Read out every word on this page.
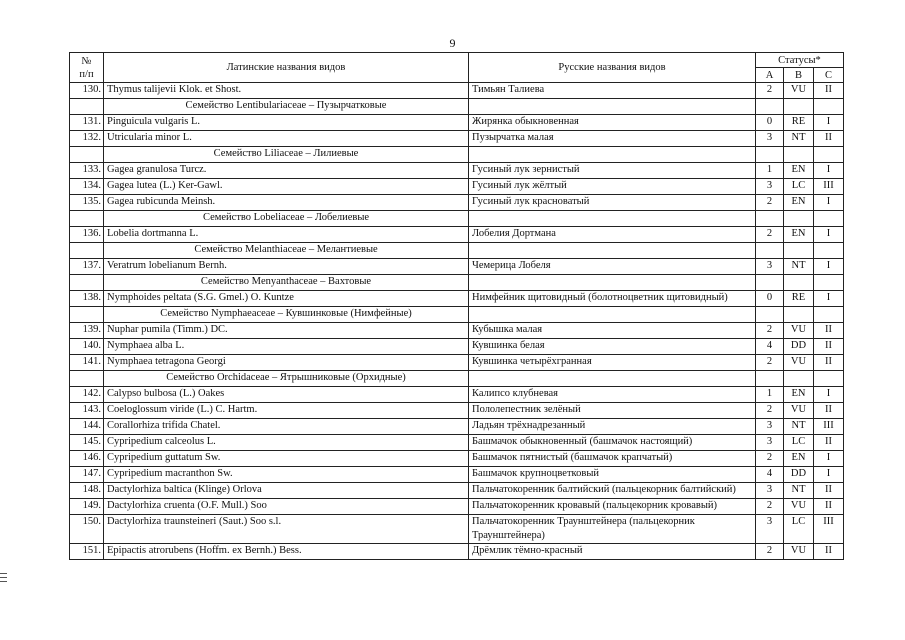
9
№
п/п	Латинские названия видов	Русские названия видов	Статусы*		
			A	B	C
130.	Thymus talijevii Klok. et Shost.	Тимьян Талиева	2	VU	II
	Семейство Lentibulariaceae – Пузырчатковые				
131.	Pinguicula vulgaris L.	Жирянка обыкновенная	0	RE	I
132.	Utricularia minor L.	Пузырчатка малая	3	NT	II
	Семейство Liliaceae – Лилиевые				
133.	Gagea granulosa Turcz.	Гусиный лук зернистый	1	EN	I
134.	Gagea lutea (L.) Ker-Gawl.	Гусиный лук жёлтый	3	LC	III
135.	Gagea rubicunda Meinsh.	Гусиный лук красноватый	2	EN	I
	Семейство Lobeliaceae – Лобелиевые				
136.	Lobelia dortmanna L.	Лобелия Дортмана	2	EN	I
	Семейство Melanthiaceae – Мелантиевые				
137.	Veratrum lobelianum Bernh.	Чемерица Лобеля	3	NT	I
	Семейство Menyanthaceae – Вахтовые				
138.	Nymphoides peltata (S.G. Gmel.) O. Kuntze	Нимфейник щитовидный (болотноцветник щитовидный)	0	RE	I
	Семейство Nymphaeaceae – Кувшинковые (Нимфейные)				
139.	Nuphar pumila (Timm.) DC.	Кубышка малая	2	VU	II
140.	Nymphaea alba L.	Кувшинка белая	4	DD	II
141.	Nymphaea tetragona Georgi	Кувшинка четырёхгранная	2	VU	II
	Семейство Orchidaceae – Ятрышниковые (Орхидные)				
142.	Calypso bulbosa (L.) Oakes	Калипсо клубневая	1	EN	I
143.	Coeloglossum viride (L.) C. Hartm.	Пололепестник зелёный	2	VU	II
144.	Corallorhiza trifida Chatel.	Ладьян трёхнадрезанный	3	NT	III
145.	Cypripedium calceolus L.	Башмачок обыкновенный (башмачок настоящий)	3	LC	II
146.	Cypripedium guttatum Sw.	Башмачок пятнистый (башмачок крапчатый)	2	EN	I
147.	Cypripedium macranthon Sw.	Башмачок крупноцветковый	4	DD	I
148.	Dactylorhiza baltica (Klinge) Orlova	Пальчатокоренник балтийский (пальцекорник балтийский)	3	NT	II
149.	Dactylorhiza cruenta (O.F. Mull.) Soo	Пальчатокоренник кровавый (пальцекорник кровавый)	2	VU	II
150.	Dactylorhiza traunsteineri (Saut.) Soo s.l.	Пальчатокоренник Траунштейнера (пальцекорник Траунштейнера)	3	LC	III
151.	Epipactis atrorubens (Hoffm. ex Bernh.) Bess.	Дрёмлик тёмно-красный	2	VU	II
